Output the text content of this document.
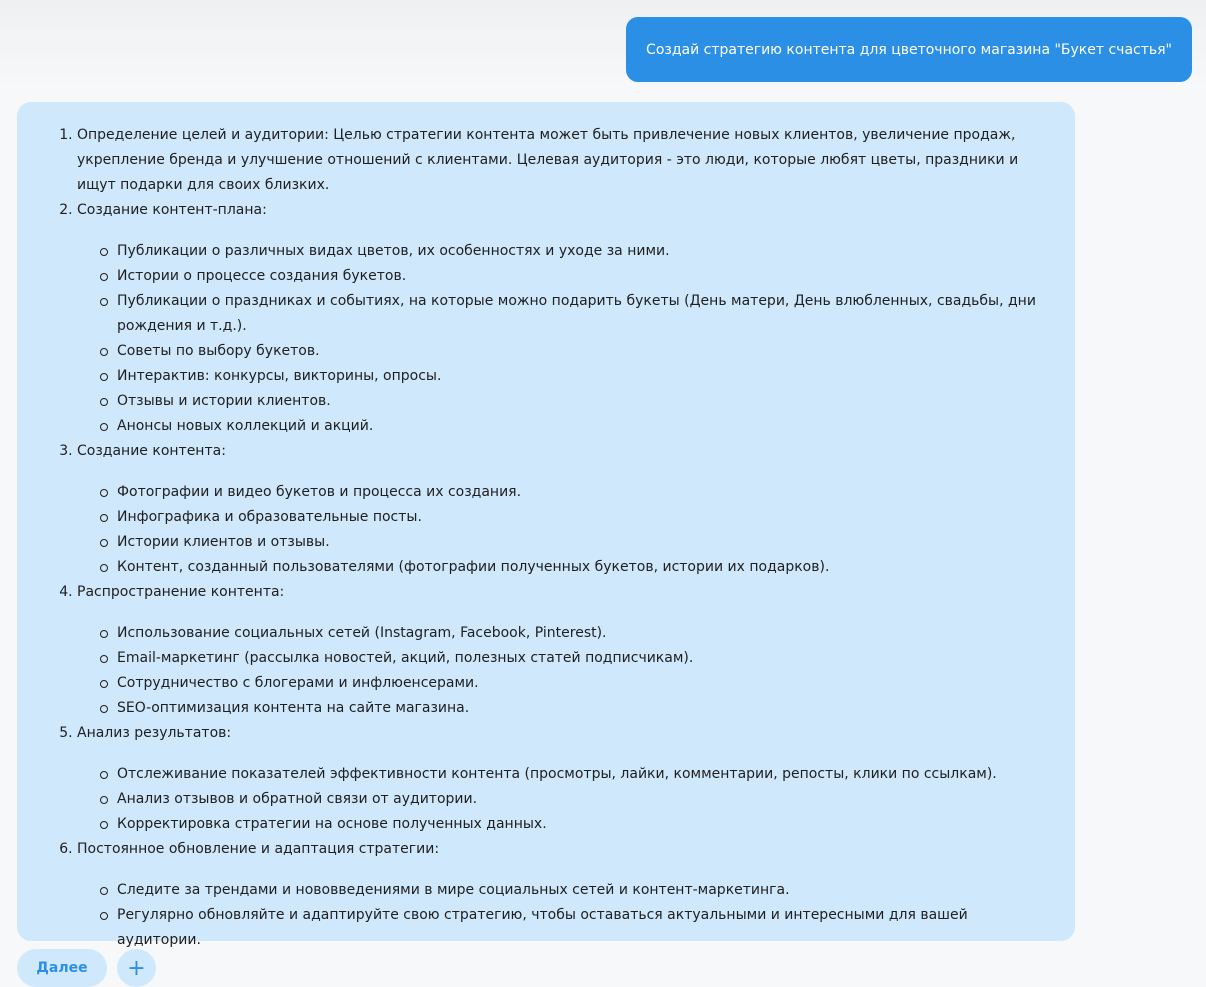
Создай стратегию контента для цветочного магазина "Букет счастья"
1. Определение целей и аудитории: Целью стратегии контента может быть привлечение новых клиентов, увеличение продаж, укрепление бренда и улучшение отношений с клиентами. Целевая аудитория - это люди, которые любят цветы, праздники и ищут подарки для своих близких.
2. Создание контент-плана:
Публикации о различных видах цветов, их особенностях и уходе за ними.
Истории о процессе создания букетов.
Публикации о праздниках и событиях, на которые можно подарить букеты (День матери, День влюбленных, свадьбы, дни рождения и т.д.).
Советы по выбору букетов.
Интерактив: конкурсы, викторины, опросы.
Отзывы и истории клиентов.
Анонсы новых коллекций и акций.
3. Создание контента:
Фотографии и видео букетов и процесса их создания.
Инфографика и образовательные посты.
Истории клиентов и отзывы.
Контент, созданный пользователями (фотографии полученных букетов, истории их подарков).
4. Распространение контента:
Использование социальных сетей (Instagram, Facebook, Pinterest).
Email-маркетинг (рассылка новостей, акций, полезных статей подписчикам).
Сотрудничество с блогерами и инфлюенсерами.
SEO-оптимизация контента на сайте магазина.
5. Анализ результатов:
Отслеживание показателей эффективности контента (просмотры, лайки, комментарии, репосты, клики по ссылкам).
Анализ отзывов и обратной связи от аудитории.
Корректировка стратегии на основе полученных данных.
6. Постоянное обновление и адаптация стратегии:
Следите за трендами и нововведениями в мире социальных сетей и контент-маркетинга.
Регулярно обновляйте и адаптируйте свою стратегию, чтобы оставаться актуальными и интересными для вашей аудитории.
Далее	+
